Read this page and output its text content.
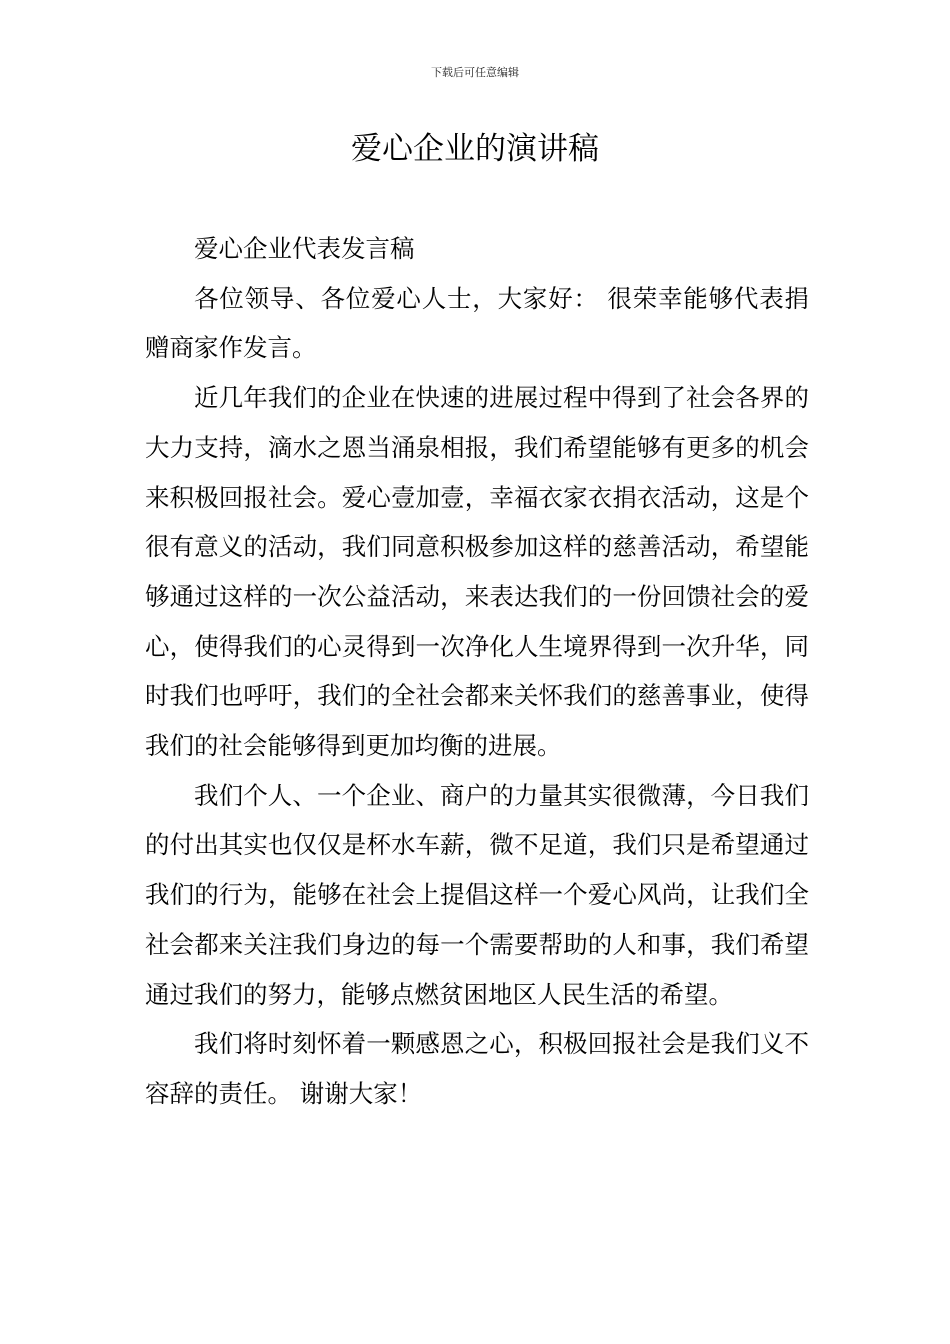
下载后可任意编辑
爱心企业的演讲稿

爱心企业代表发言稿

各位领导、各位爱心人士，大家好： 很荣幸能够代表捐赠商家作发言。

近几年我们的企业在快速的进展过程中得到了社会各界的大力支持，滴水之恩当涌泉相报，我们希望能够有更多的机会来积极回报社会。爱心壹加壹，幸福衣家衣捐衣活动，这是个很有意义的活动，我们同意积极参加这样的慈善活动，希望能够通过这样的一次公益活动，来表达我们的一份回馈社会的爱心，使得我们的心灵得到一次净化人生境界得到一次升华，同时我们也呼吁，我们的全社会都来关怀我们的慈善事业，使得我们的社会能够得到更加均衡的进展。

我们个人、一个企业、商户的力量其实很微薄，今日我们的付出其实也仅仅是杯水车薪，微不足道，我们只是希望通过我们的行为，能够在社会上提倡这样一个爱心风尚，让我们全社会都来关注我们身边的每一个需要帮助的人和事，我们希望通过我们的努力，能够点燃贫困地区人民生活的希望。

我们将时刻怀着一颗感恩之心，积极回报社会是我们义不容辞的责任。 谢谢大家！
